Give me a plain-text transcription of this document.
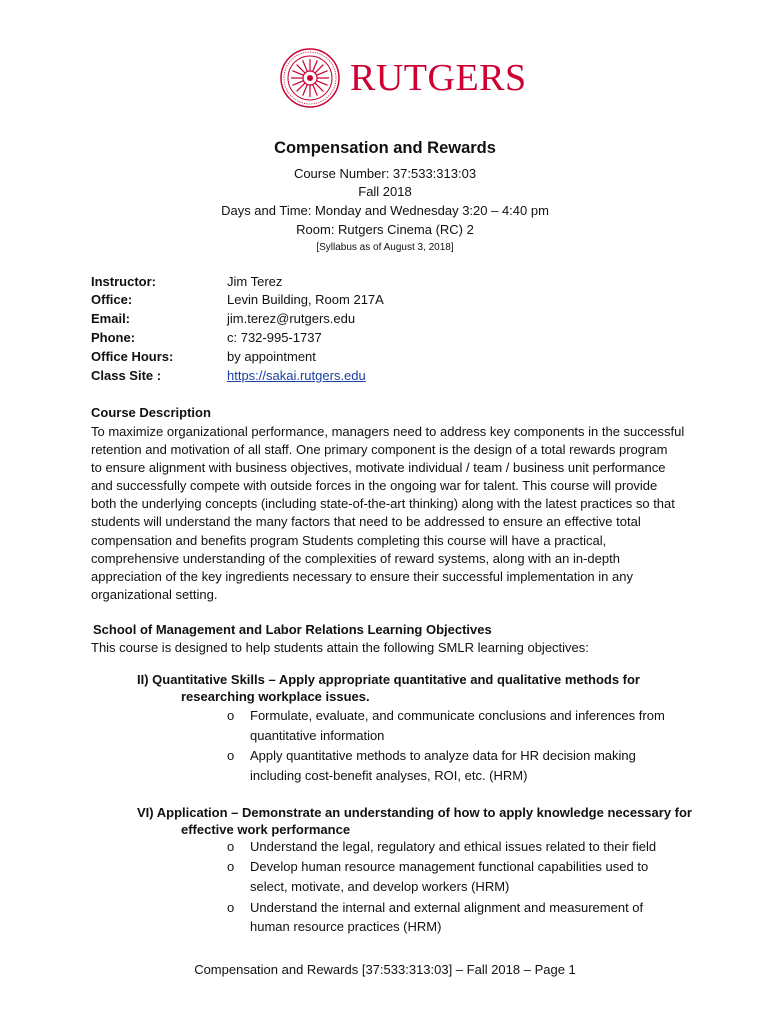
RUTGERS
Compensation and Rewards
Course Number: 37:533:313:03
Fall 2018
Days and Time: Monday and Wednesday 3:20 – 4:40 pm
Room: Rutgers Cinema (RC) 2
[Syllabus as of August 3, 2018]
Instructor:	Jim Terez
Office:	Levin Building, Room 217A
Email:	jim.terez@rutgers.edu
Phone:	c: 732-995-1737
Office Hours:	by appointment
Class Site :	https://sakai.rutgers.edu
Course Description
To maximize organizational performance, managers need to address key components in the successful
retention and motivation of all staff. One primary component is the design of a total rewards program
to ensure alignment with business objectives, motivate individual / team / business unit performance
and successfully compete with outside forces in the ongoing war for talent. This course will provide
both the underlying concepts (including state-of-the-art thinking) along with the latest practices so that
students will understand the many factors that need to be addressed to ensure an effective total
compensation and benefits program Students completing this course will have a practical,
comprehensive understanding of the complexities of reward systems, along with an in-depth
appreciation of the key ingredients necessary to ensure their successful implementation in any
organizational setting.
School of Management and Labor Relations Learning Objectives
This course is designed to help students attain the following SMLR learning objectives:
II) Quantitative Skills – Apply appropriate quantitative and qualitative methods for
researching workplace issues.
o Formulate, evaluate, and communicate conclusions and inferences from
quantitative information
o Apply quantitative methods to analyze data for HR decision making
including cost-benefit analyses, ROI, etc. (HRM)
VI) Application – Demonstrate an understanding of how to apply knowledge necessary for
effective work performance
o Understand the legal, regulatory and ethical issues related to their field
o Develop human resource management functional capabilities used to
select, motivate, and develop workers (HRM)
o Understand the internal and external alignment and measurement of
human resource practices (HRM)
Compensation and Rewards [37:533:313:03] – Fall 2018 – Page 1
